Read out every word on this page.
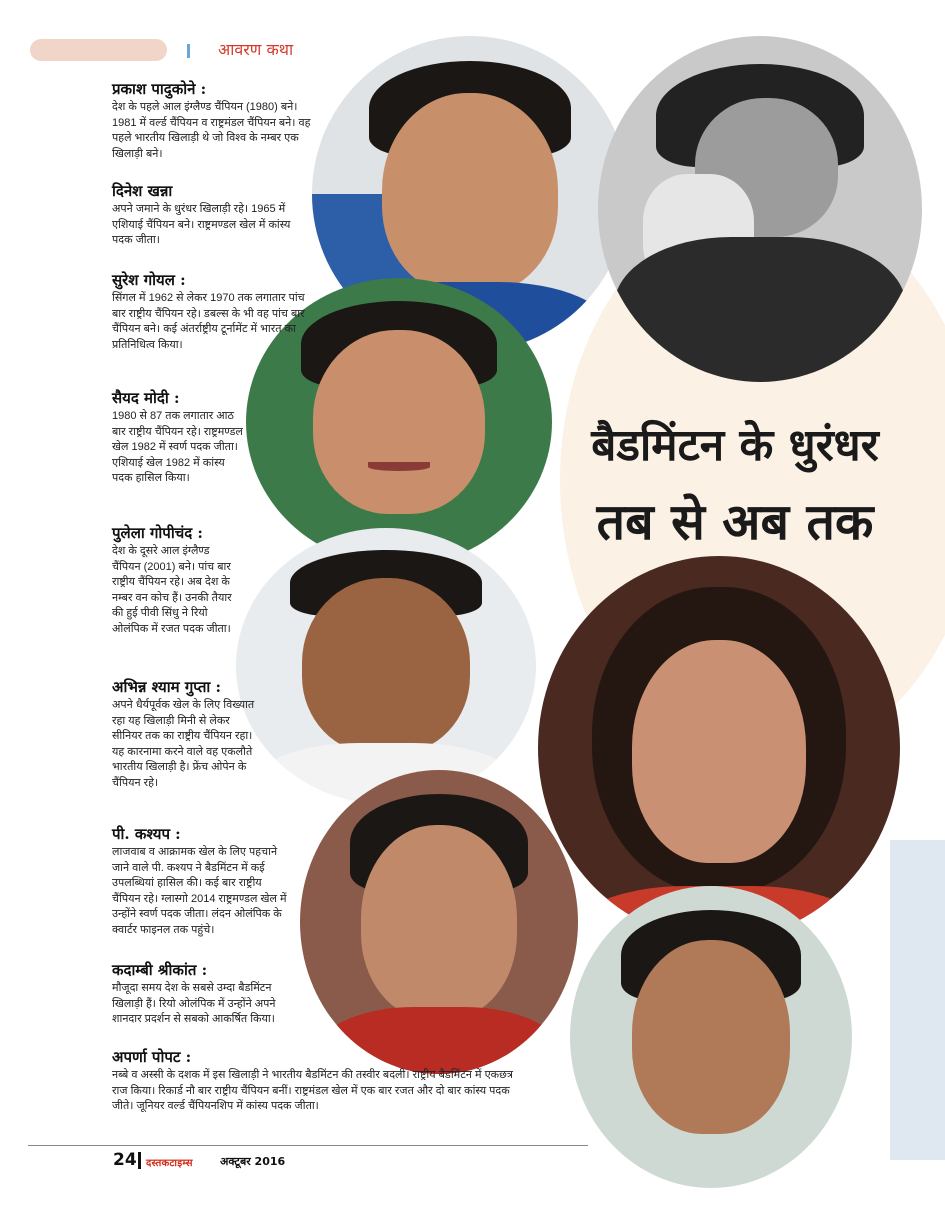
आवरण कथा
बैडमिंटन के धुरंधर
तब से अब तक
प्रकाश पादुकोने :
देश के पहले आल इंग्लैण्ड चैंपियन (1980) बने। 1981 में वर्ल्ड चैंपियन व राष्ट्रमंडल चैंपियन बने। वह पहले भारतीय खिलाड़ी थे जो विश्व के नम्बर एक खिलाड़ी बने।
दिनेश खन्ना
अपने जमाने के धुरंधर खिलाड़ी रहे। 1965 में एशियाई चैंपियन बने। राष्ट्रमण्डल खेल में कांस्य पदक जीता।
सुरेश गोयल :
सिंगल में 1962 से लेकर 1970 तक लगातार पांच बार राष्ट्रीय चैंपियन रहे। डबल्स के भी वह पांच बार चैंपियन बने। कई अंतर्राष्ट्रीय टूर्नामेंट में भारत का प्रतिनिधित्व किया।
सैयद मोदी :
1980 से 87 तक लगातार आठ बार राष्ट्रीय चैंपियन रहे। राष्ट्रमण्डल खेल 1982 में स्वर्ण पदक जीता। एशियाई खेल 1982 में कांस्य पदक हासिल किया।
पुलेला गोपीचंद :
देश के दूसरे आल इंग्लैण्ड चैंपियन (2001) बने। पांच बार राष्ट्रीय चैंपियन रहे। अब देश के नम्बर वन कोच हैं। उनकी तैयार की हुई पीवी सिंधु ने रियो ओलंपिक में रजत पदक जीता।
अभिन्न श्याम गुप्ता :
अपने धैर्यपूर्वक खेल के लिए विख्यात रहा यह खिलाड़ी मिनी से लेकर सीनियर तक का राष्ट्रीय चैंपियन रहा। यह कारनामा करने वाले वह एकलौते भारतीय खिलाड़ी है। फ्रेंच ओपेन के चैंपियन रहे।
पी. कश्यप :
लाजवाब व आक्रामक खेल के लिए पहचाने जाने वाले पी. कश्यप ने बैडमिंटन में कई उपलब्धियां हासिल की। कई बार राष्ट्रीय चैंपियन रहे। ग्लास्गो 2014 राष्ट्रमण्डल खेल में उन्होंने स्वर्ण पदक जीता। लंदन ओलंपिक के क्वार्टर फाइनल तक पहुंचे।
कदाम्बी श्रीकांत :
मौजूदा समय देश के सबसे उम्दा बैडमिंटन खिलाड़ी हैं। रियो ओलंपिक में उन्होंने अपने शानदार प्रदर्शन से सबको आकर्षित किया।
अपर्णा पोपट :
नब्बे व अस्सी के दशक में इस खिलाड़ी ने भारतीय बैडमिंटन की तस्वीर बदली। राष्ट्रीय बैडमिंटन में एकछत्र राज किया। रिकार्ड नौ बार राष्ट्रीय चैंपियन बनीं। राष्ट्रमंडल खेल में एक बार रजत और दो बार कांस्य पदक जीते। जूनियर वर्ल्ड चैंपियनशिप में कांस्य पदक जीता।
24 दस्तकटाइम्स अक्टूबर 2016
